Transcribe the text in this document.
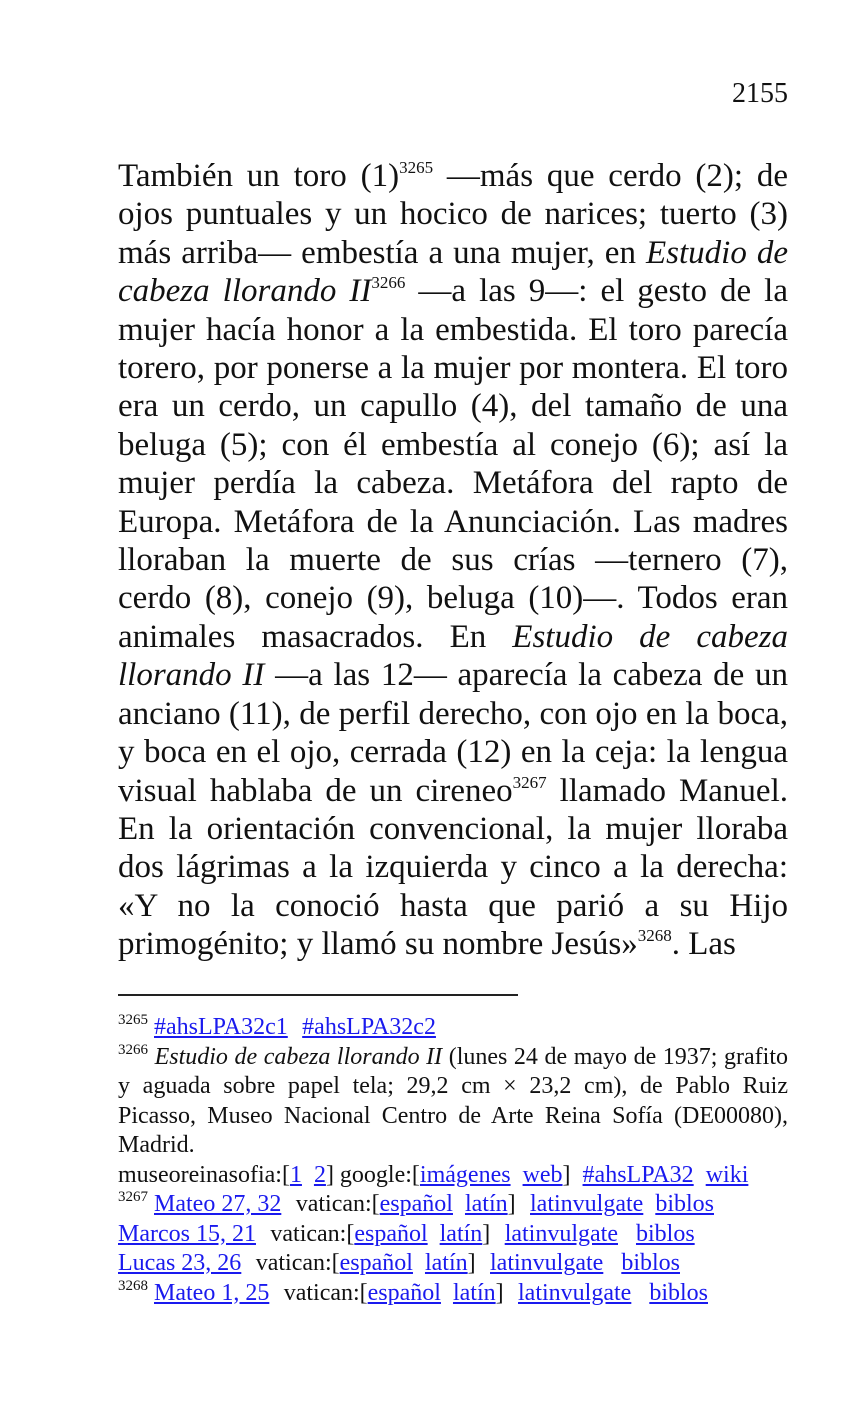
2155

También un toro (1)$^{3265}$ —más que cerdo (2); de ojos puntuales y un hocico de narices; tuerto (3) más arriba— embestía a una mujer, en Estudio de cabeza llorando II$^{3266}$ —a las 9—: el gesto de la mujer hacía honor a la embestida. El toro parecía torero, por ponerse a la mujer por montera. El toro era un cerdo, un capullo (4), del tamaño de una beluga (5); con él embestía al conejo (6); así la mujer perdía la cabeza. Metáfora del rapto de Europa. Metáfora de la Anunciación. Las madres lloraban la muerte de sus crías —ternero (7), cerdo (8), conejo (9), beluga (10)—. Todos eran animales masacrados. En Estudio de cabeza llorando II —a las 12— aparecía la cabeza de un anciano (11), de perfil derecho, con ojo en la boca, y boca en el ojo, cerrada (12) en la ceja: la lengua visual hablaba de un cireneo$^{3267}$ llamado Manuel. En la orientación convencional, la mujer lloraba dos lágrimas a la izquierda y cinco a la derecha: «Y no la conoció hasta que parió a su Hijo primogénito; y llamó su nombre Jesús»$^{3268}$. Las

$^{3265}$ #ahsLPA32c1 #ahsLPA32c2

$^{3266}$ Estudio de cabeza llorando II (lunes 24 de mayo de 1937; grafito y aguada sobre papel tela; 29,2 cm × 23,2 cm), de Pablo Ruiz Picasso, Museo Nacional Centro de Arte Reina Sofía (DE00080), Madrid.

museoreinasofia:[1 2] google:[imágenes web]  #ahsLPA32 wiki
$^{3267}$ Mateo 27, 32 vatican:[español latín] latinvulgate biblos
Marcos 15, 21 vatican:[español latín] latinvulgate biblos
Lucas 23, 26 vatican:[español latín] latinvulgate biblos
$^{3268}$ Mateo 1, 25 vatican:[español latín] latinvulgate biblos
